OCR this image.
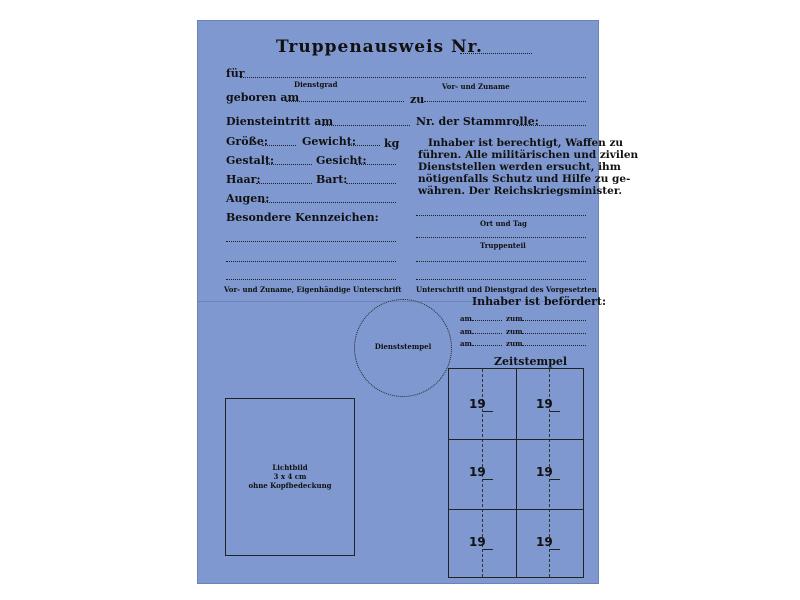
Truppenausweis Nr.
für
Dienstgrad	Vor- und Zuname
geboren am	zu
Diensteintritt am	Nr. der Stammrolle:
Größe:	Gewicht:	kg
Gestalt:	Gesicht:
Haar:	Bart:
Augen:
Besondere Kennzeichen:
Vor- und Zuname, Eigenhändige Unterschrift
Inhaber ist berechtigt, Waffen zu
führen. Alle militärischen und zivilen
Dienststellen werden ersucht, ihm
nötigenfalls Schutz und Hilfe zu ge-
währen. Der Reichskriegsminister.
Ort und Tag
Truppenteil
Unterschrift und Dienstgrad des Vorgesetzten
Inhaber ist befördert:
am	zum
am	zum
am	zum
Dienststempel
Lichtbild
3 x 4 cm
ohne Kopfbedeckung
Zeitstempel
19	19
19	19
19	19
